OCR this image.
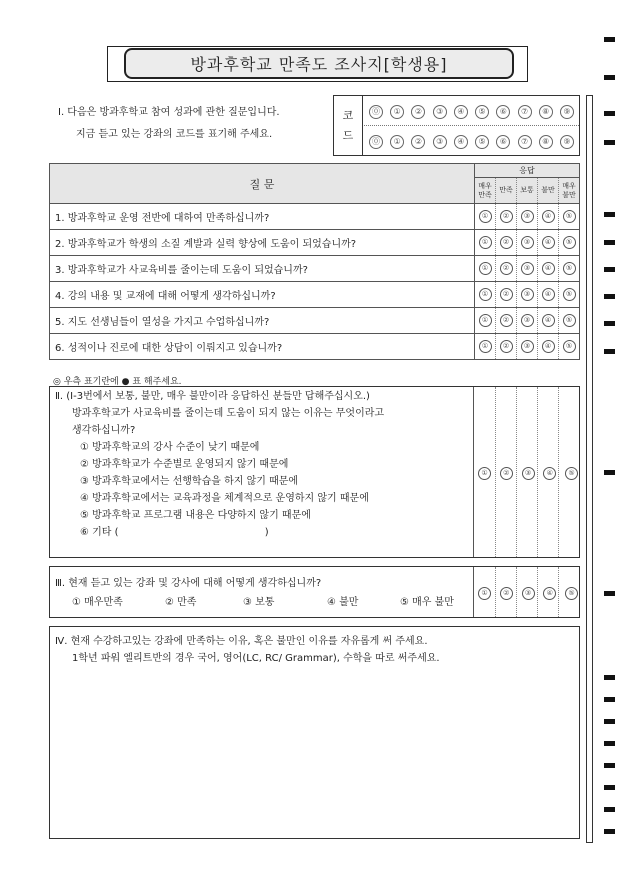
방과후학교 만족도 조사지[학생용]
Ⅰ. 다음은 방과후학교 참여 성과에 관한 질문입니다.
지금 듣고 있는 강좌의 코드를 표기해 주세요.
코
드
⓪	①	②	③	④	⑤	⑥	⑦	⑧	⑨
⓪	①	②	③	④	⑤	⑥	⑦	⑧	⑨
질 문	응답				
	매우 만족	만족	보통	불만	매우 불만
1. 방과후학교 운영 전반에 대하여 만족하십니까?	①	②	③	④	⑤
2. 방과후학교가 학생의 소질 계발과 실력 향상에 도움이 되었습니까?	①	②	③	④	⑤
3. 방과후학교가 사교육비를 줄이는데 도움이 되었습니까?	①	②	③	④	⑤
4. 강의 내용 및 교재에 대해 어떻게 생각하십니까?	①	②	③	④	⑤
5. 지도 선생님들이 열성을 가지고 수업하십니까?	①	②	③	④	⑤
6. 성적이나 진로에 대한 상담이 이뤄지고 있습니까?	①	②	③	④	⑤
◎ 우측 표기란에 ● 표 해주세요.
Ⅱ. (Ⅰ-3번에서 보통, 불만, 매우 불만이라 응답하신 분들만 답해주십시오.)
방과후학교가 사교육비를 줄이는데 도움이 되지 않는 이유는 무엇이라고
생각하십니까?
① 방과후학교의 강사 수준이 낮기 때문에
② 방과후학교가 수준별로 운영되지 않기 때문에
③ 방과후학교에서는 선행학습을 하지 않기 때문에
④ 방과후학교에서는 교육과정을 체계적으로 운영하지 않기 때문에
⑤ 방과후학교 프로그램 내용은 다양하지 않기 때문에
⑥ 기타 (                                              )
①	②	③	④	⑤
Ⅲ. 현재 듣고 있는 강좌 및 강사에 대해 어떻게 생각하십니까?
① 매우만족	② 만족	③ 보통	④ 불만	⑤ 매우 불만
①	②	③	④	⑤
Ⅳ. 현재 수강하고있는 강좌에 만족하는 이유, 혹은 불만인 이유를 자유롭게 써 주세요.
1학년 파워 엘리트반의 경우 국어, 영어(LC, RC/ Grammar), 수학을 따로 써주세요.
